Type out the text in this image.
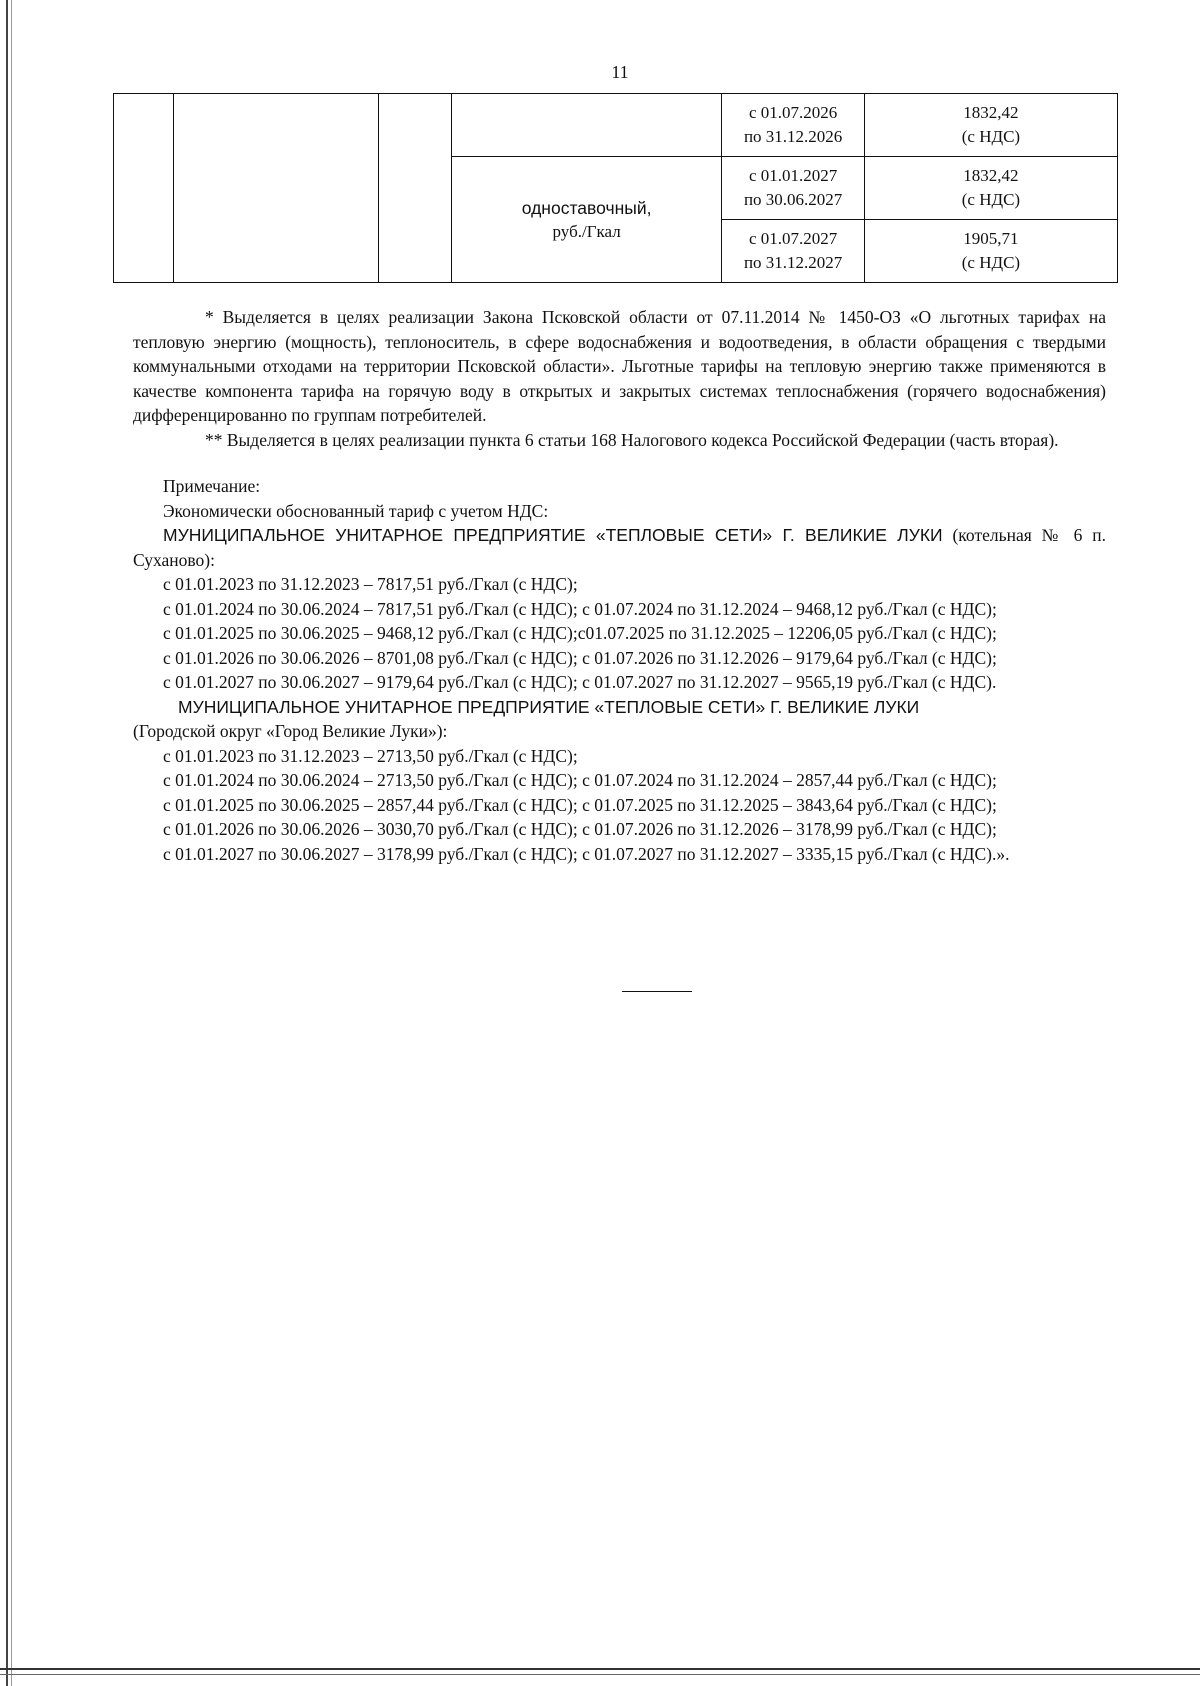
11

				с 01.07.2026
по 31.12.2026	1832,42
(с НДС)

			одноставочный,
руб./Гкал	с 01.01.2027
по 30.06.2027	1832,42
(с НДС)

				с 01.07.2027
по 31.12.2027	1905,71
(с НДС)

* Выделяется в целях реализации Закона Псковской области от 07.11.2014 № 1450-ОЗ «О льготных тарифах на тепловую энергию (мощность), теплоноситель, в сфере водоснабжения и водоотведения, в области обращения с твердыми коммунальными отходами на территории Псковской области». Льготные тарифы на тепловую энергию также применяются в качестве компонента тарифа на горячую воду в открытых и закрытых системах теплоснабжения (горячего водоснабжения) дифференцированно по группам потребителей.

** Выделяется в целях реализации пункта 6 статьи 168 Налогового кодекса Российской Федерации (часть вторая).

Примечание:

Экономически обоснованный тариф с учетом НДС:

МУНИЦИПАЛЬНОЕ УНИТАРНОЕ ПРЕДПРИЯТИЕ «ТЕПЛОВЫЕ СЕТИ» Г. ВЕЛИКИЕ ЛУКИ (котельная № 6 п. Суханово):

с 01.01.2023 по 31.12.2023 – 7817,51 руб./Гкал (с НДС);

с 01.01.2024 по 30.06.2024 – 7817,51 руб./Гкал (с НДС); с 01.07.2024 по 31.12.2024 – 9468,12 руб./Гкал (с НДС);

с 01.01.2025 по 30.06.2025 – 9468,12 руб./Гкал (с НДС);с01.07.2025 по 31.12.2025 – 12206,05 руб./Гкал (с НДС);

с 01.01.2026 по 30.06.2026 – 8701,08 руб./Гкал (с НДС); с 01.07.2026 по 31.12.2026 – 9179,64 руб./Гкал (с НДС);

с 01.01.2027 по 30.06.2027 – 9179,64 руб./Гкал (с НДС); с 01.07.2027 по 31.12.2027 – 9565,19 руб./Гкал (с НДС).

МУНИЦИПАЛЬНОЕ УНИТАРНОЕ ПРЕДПРИЯТИЕ «ТЕПЛОВЫЕ СЕТИ» Г. ВЕЛИКИЕ ЛУКИ

(Городской округ «Город Великие Луки»):

с 01.01.2023 по 31.12.2023 – 2713,50 руб./Гкал (с НДС);

с 01.01.2024 по 30.06.2024 – 2713,50 руб./Гкал (с НДС); с 01.07.2024 по 31.12.2024 – 2857,44 руб./Гкал (с НДС);

с 01.01.2025 по 30.06.2025 – 2857,44 руб./Гкал (с НДС); с 01.07.2025 по 31.12.2025 – 3843,64 руб./Гкал (с НДС);

с 01.01.2026 по 30.06.2026 – 3030,70 руб./Гкал (с НДС); с 01.07.2026 по 31.12.2026 – 3178,99 руб./Гкал (с НДС);

с 01.01.2027 по 30.06.2027 – 3178,99 руб./Гкал (с НДС); с 01.07.2027 по 31.12.2027 – 3335,15 руб./Гкал (с НДС).».
